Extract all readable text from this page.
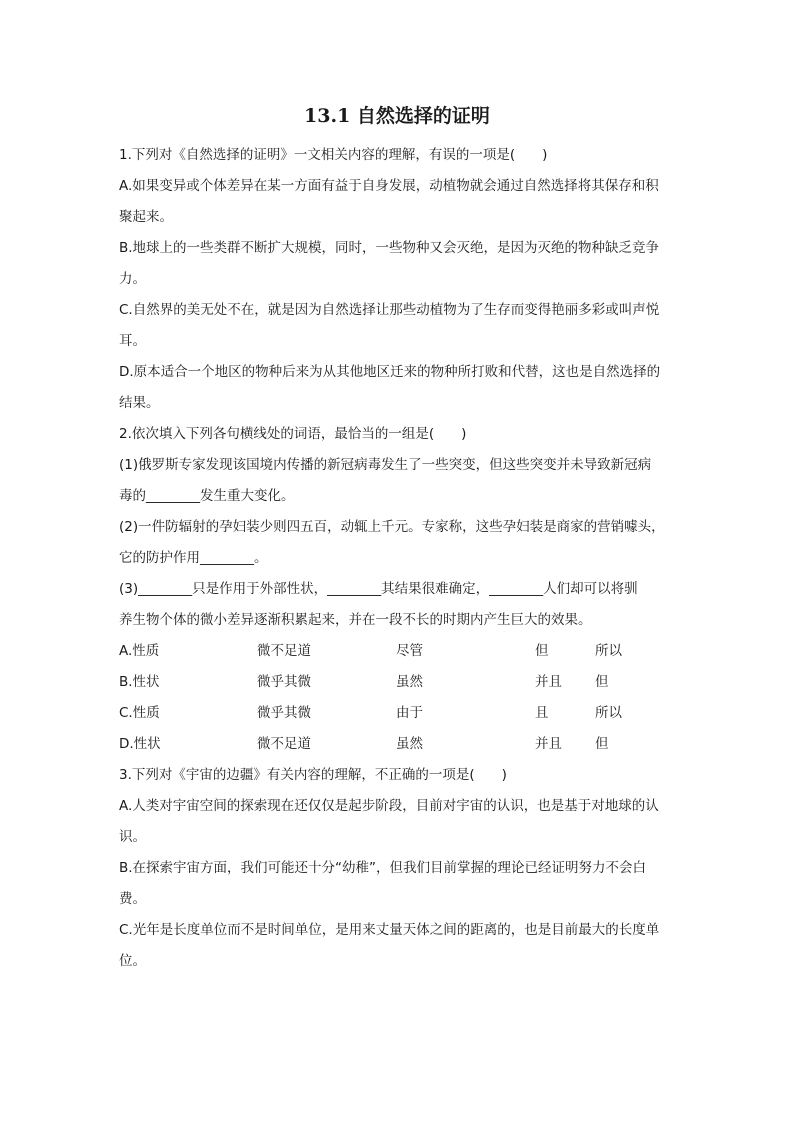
13.1 自然选择的证明
1.下列对《自然选择的证明》一文相关内容的理解，有误的一项是(　　)
A.如果变异或个体差异在某一方面有益于自身发展，动植物就会通过自然选择将其保存和积
聚起来。
B.地球上的一些类群不断扩大规模，同时，一些物种又会灭绝，是因为灭绝的物种缺乏竞争
力。
C.自然界的美无处不在，就是因为自然选择让那些动植物为了生存而变得艳丽多彩或叫声悦
耳。
D.原本适合一个地区的物种后来为从其他地区迁来的物种所打败和代替，这也是自然选择的
结果。
2.依次填入下列各句横线处的词语，最恰当的一组是(　　)
(1)俄罗斯专家发现该国境内传播的新冠病毒发生了一些突变，但这些突变并未导致新冠病
毒的________发生重大变化。
(2)一件防辐射的孕妇装少则四五百，动辄上千元。专家称，这些孕妇装是商家的营销噱头，
它的防护作用________。
(3)________只是作用于外部性状，________其结果很难确定，________人们却可以将驯
养生物个体的微小差异逐渐积累起来，并在一段不长的时期内产生巨大的效果。
A.性质	微不足道	尽管	但	所以
B.性状	微乎其微	虽然	并且	但
C.性质	微乎其微	由于	且	所以
D.性状	微不足道	虽然	并且	但
3.下列对《宇宙的边疆》有关内容的理解，不正确的一项是(　　)
A.人类对宇宙空间的探索现在还仅仅是起步阶段，目前对宇宙的认识，也是基于对地球的认
识。
B.在探索宇宙方面，我们可能还十分“幼稚”，但我们目前掌握的理论已经证明努力不会白
费。
C.光年是长度单位而不是时间单位，是用来丈量天体之间的距离的，也是目前最大的长度单
位。
